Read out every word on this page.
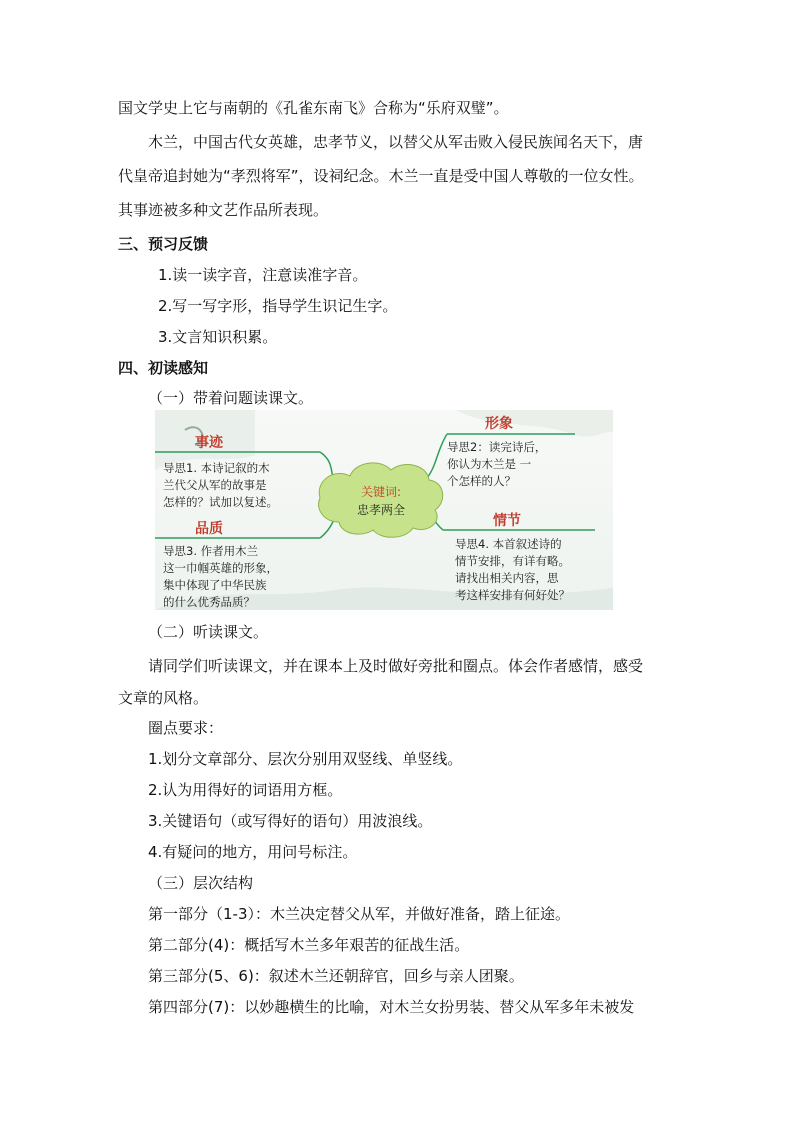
国文学史上它与南朝的《孔雀东南飞》合称为“乐府双璧”。
木兰，中国古代女英雄，忠孝节义，以替父从军击败入侵民族闻名天下，唐
代皇帝追封她为“孝烈将军”，设祠纪念。木兰一直是受中国人尊敬的一位女性。
其事迹被多种文艺作品所表现。
三、预习反馈
1.读一读字音，注意读准字音。
2.写一写字形，指导学生识记生字。
3.文言知识积累。
四、初读感知
（一）带着问题读课文。
关键词:
忠孝两全
事迹
导思1. 本诗记叙的木
兰代父从军的故事是
怎样的？试加以复述。
品质
导思3. 作者用木兰
这一巾帼英雄的形象，
集中体现了中华民族
的什么优秀品质？
形象
导思2：读完诗后，
你认为木兰是 一
个怎样的人？
情节
导思4. 本首叙述诗的
情节安排，有详有略。
请找出相关内容，思
考这样安排有何好处？
（二）听读课文。
请同学们听读课文，并在课本上及时做好旁批和圈点。体会作者感情，感受
文章的风格。
圈点要求：
1.划分文章部分、层次分别用双竖线、单竖线。
2.认为用得好的词语用方框。
3.关键语句（或写得好的语句）用波浪线。
4.有疑问的地方，用问号标注。
（三）层次结构
第一部分（1-3）：木兰决定替父从军，并做好准备，踏上征途。
第二部分(4)：概括写木兰多年艰苦的征战生活。
第三部分(5、6)：叙述木兰还朝辞官，回乡与亲人团聚。
第四部分(7)：以妙趣横生的比喻，对木兰女扮男装、替父从军多年未被发
